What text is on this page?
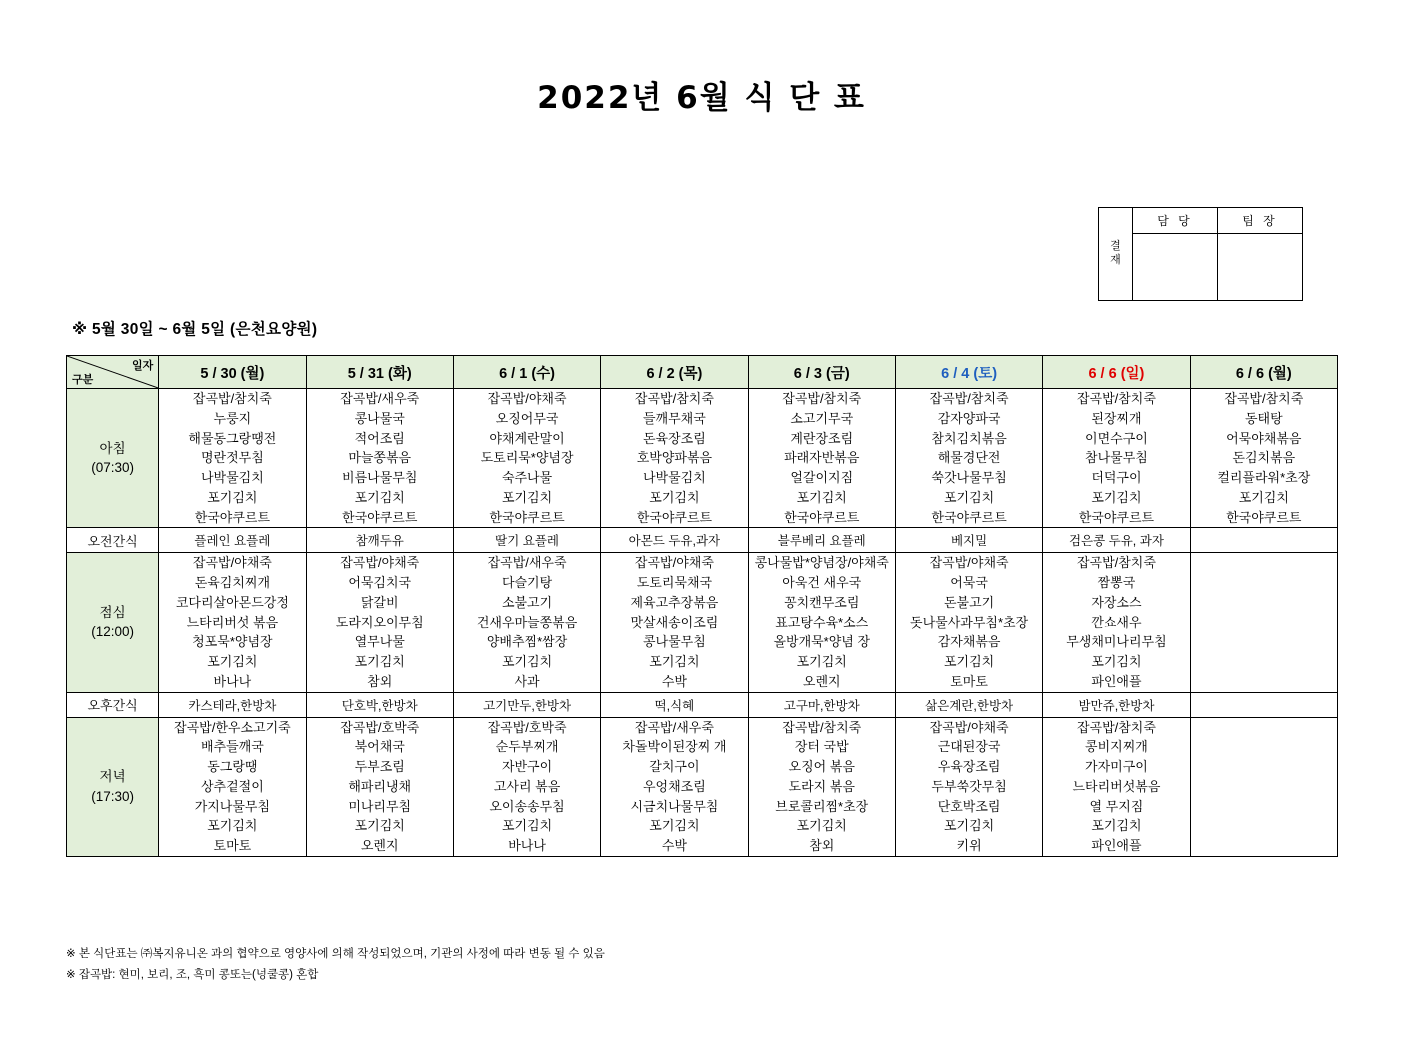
2022년 6월 식 단 표
결
재
담 당	팀 장
※ 5월 30일 ~ 6월 5일 (은천요양원)
일자
구분	5 / 30 (월)	5 / 31 (화)	6 / 1 (수)	6 / 2 (목)	6 / 3 (금)	6 / 4 (토)	6 / 6 (일)	6 / 6 (월)
아침
(07:30)	잡곡밥/참치죽
누룽지
해물동그랑땡전
명란젓무침
나박물김치
포기김치
한국야쿠르트	잡곡밥/새우죽
콩나물국
적어조림
마늘쫑볶음
비름나물무침
포기김치
한국야쿠르트	잡곡밥/야채죽
오징어무국
야채계란말이
도토리묵*양념장
숙주나물
포기김치
한국야쿠르트	잡곡밥/참치죽
들깨무채국
돈육장조림
호박양파볶음
나박물김치
포기김치
한국야쿠르트	잡곡밥/참치죽
소고기무국
계란장조림
파래자반볶음
얼갈이지짐
포기김치
한국야쿠르트	잡곡밥/참치죽
감자양파국
참치김치볶음
해물경단전
쑥갓나물무침
포기김치
한국야쿠르트	잡곡밥/참치죽
된장찌개
이면수구이
참나물무침
더덕구이
포기김치
한국야쿠르트	잡곡밥/참치죽
동태탕
어묵야채볶음
돈김치볶음
컬리플라워*초장
포기김치
한국야쿠르트
오전간식	플레인 요플레	참깨두유	딸기 요플레	아몬드 두유,과자	블루베리 요플레	베지밀	검은콩 두유, 과자	
점심
(12:00)	잡곡밥/야채죽
돈육김치찌개
코다리살아몬드강정
느타리버섯 볶음
청포묵*양념장
포기김치
바나나	잡곡밥/야채죽
어묵김치국
닭갈비
도라지오이무침
열무나물
포기김치
참외	잡곡밥/새우죽
다슬기탕
소불고기
건새우마늘쫑볶음
양배추찜*쌈장
포기김치
사과	잡곡밥/야채죽
도토리묵채국
제육고추장볶음
맛살새송이조림
콩나물무침
포기김치
수박	콩나물밥*양념장/야채죽
아욱건 새우국
꽁치캔무조림
표고탕수육*소스
올방개묵*양념 장
포기김치
오렌지	잡곡밥/야채죽
어묵국
돈불고기
돗나물사과무침*초장
감자채볶음
포기김치
토마토	잡곡밥/참치죽
짬뽕국
자장소스
깐쇼새우
무생채미나리무침
포기김치
파인애플	
오후간식	카스테라,한방차	단호박,한방차	고기만두,한방차	떡,식혜	고구마,한방차	삶은계란,한방차	밤만쥬,한방차	
저녁
(17:30)	잡곡밥/한우소고기죽
배추들깨국
동그랑땡
상추겉절이
가지나물무침
포기김치
토마토	잡곡밥/호박죽
북어채국
두부조림
해파리냉채
미나리무침
포기김치
오렌지	잡곡밥/호박죽
순두부찌개
자반구이
고사리 볶음
오이송송무침
포기김치
바나나	잡곡밥/새우죽
차돌박이된장찌 개
갈치구이
우엉채조림
시금치나물무침
포기김치
수박	잡곡밥/참치죽
장터 국밥
오징어 볶음
도라지 볶음
브로콜리찜*초장
포기김치
참외	잡곡밥/야채죽
근대된장국
우육장조림
두부쑥갓무침
단호박조림
포기김치
키위	잡곡밥/참치죽
콩비지찌개
가자미구이
느타리버섯볶음
열 무지짐
포기김치
파인애플	
※ 본 식단표는 ㈜복지유니온 과의 협약으로 영양사에 의해 작성되었으며, 기관의 사정에 따라 변동 될 수 있음
※ 잡곡밥: 현미, 보리, 조, 흑미 콩또는(넝쿨콩) 혼합
